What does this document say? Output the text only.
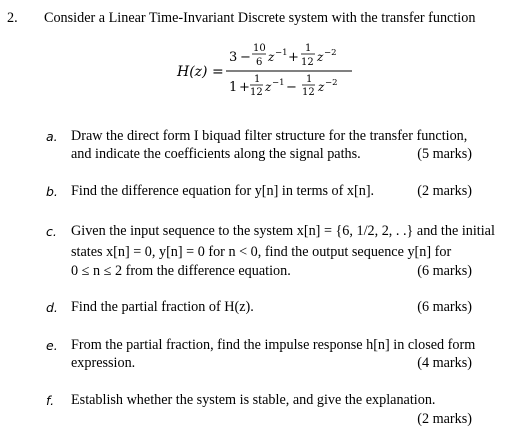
2. Consider a Linear Time-Invariant Discrete system with the transfer function
H(z) =
3 −
10
6 z −1 +
1
12 z −2
1 +
1
12 z −1 −
1
12 z −2
a. Draw the direct form I biquad filter structure for the transfer function,
and indicate the coefficients along the signal paths.	(5 marks)
b. Find the difference equation for y[n] in terms of x[n].	(2 marks)
c. Given the input sequence to the system x[n] = {6, 1/2, 2, . .} and the initial
states x[n] = 0, y[n] = 0 for n < 0, find the output sequence y[n] for
0 ≤ n ≤ 2 from the difference equation.	(6 marks)
d. Find the partial fraction of H(z).	(6 marks)
e. From the partial fraction, find the impulse response h[n] in closed form
expression.	(4 marks)
f. Establish whether the system is stable, and give the explanation.
(2 marks)
